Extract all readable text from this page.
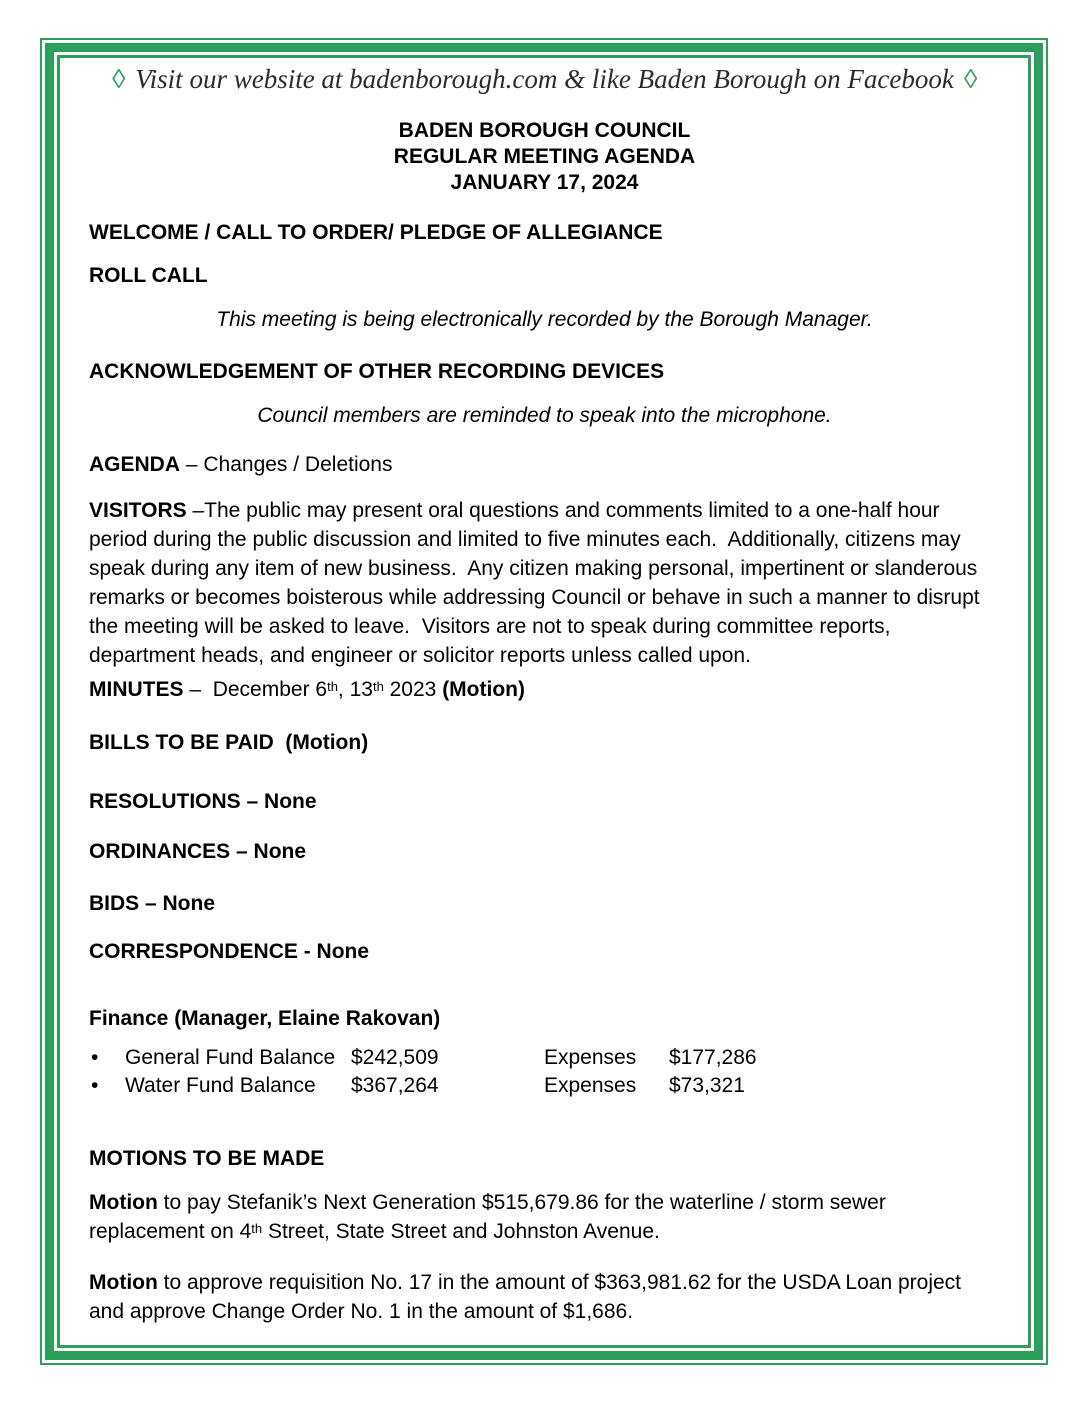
◊ Visit our website at badenborough.com & like Baden Borough on Facebook ◊
BADEN BOROUGH COUNCIL
REGULAR MEETING AGENDA
JANUARY 17, 2024

WELCOME / CALL TO ORDER/ PLEDGE OF ALLEGIANCE

ROLL CALL

This meeting is being electronically recorded by the Borough Manager.

ACKNOWLEDGEMENT OF OTHER RECORDING DEVICES

Council members are reminded to speak into the microphone.

AGENDA – Changes / Deletions

VISITORS –The public may present oral questions and comments limited to a one-half hour period during the public discussion and limited to five minutes each.  Additionally, citizens may speak during any item of new business.  Any citizen making personal, impertinent or slanderous remarks or becomes boisterous while addressing Council or behave in such a manner to disrupt the meeting will be asked to leave.  Visitors are not to speak during committee reports, department heads, and engineer or solicitor reports unless called upon.

MINUTES –  December 6th, 13th 2023 (Motion)

BILLS TO BE PAID  (Motion)

RESOLUTIONS – None

ORDINANCES – None

BIDS – None

CORRESPONDENCE - None

Finance (Manager, Elaine Rakovan)

•	General Fund Balance $242,509	Expenses	$177,286
•	Water Fund Balance	$367,264	Expenses	$73,321

MOTIONS TO BE MADE

Motion to pay Stefanik’s Next Generation $515,679.86 for the waterline / storm sewer replacement on 4th Street, State Street and Johnston Avenue.

Motion to approve requisition No. 17 in the amount of $363,981.62 for the USDA Loan project and approve Change Order No. 1 in the amount of $1,686.
